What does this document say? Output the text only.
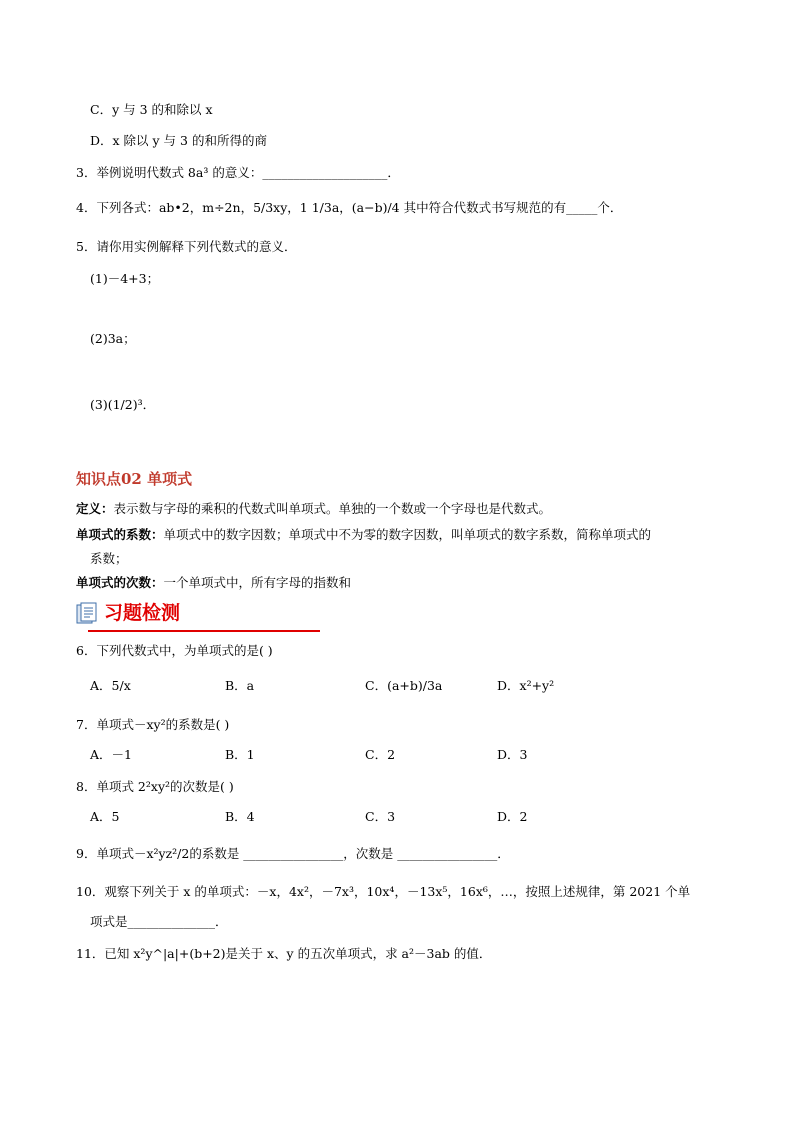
C．y 与 3 的和除以 x
D．x 除以 y 与 3 的和所得的商
3．举例说明代数式 8a³ 的意义：____________________．
4．下列各式：ab•2，m÷2n，5/3xy，1 1/3a，(a−b)/4 其中符合代数式书写规范的有_____个．
5．请你用实例解释下列代数式的意义．
(1)－4+3；
(2)3a；
(3)(1/2)³．
知识点02 单项式
定义：表示数与字母的乘积的代数式叫单项式。单独的一个数或一个字母也是代数式。
单项式的系数：单项式中的数字因数；单项式中不为零的数字因数，叫单项式的数字系数，简称单项式的
系数；
单项式的次数：一个单项式中，所有字母的指数和
习题检测
6．下列代数式中，为单项式的是( )
A．5/x	B．a	C．(a+b)/3a	D．x²+y²
7．单项式－xy²的系数是( )
A．－1	B．1	C．2	D．3
8．单项式 2²xy²的次数是( )
A．5	B．4	C．3	D．2
9．单项式－x²yz²/2的系数是 ________________，次数是 ________________．
10．观察下列关于 x 的单项式：－x，4x²，－7x³，10x⁴，－13x⁵，16x⁶，…，按照上述规律，第 2021 个单
项式是______________．
11．已知 x²y^|a|+(b+2)是关于 x、y 的五次单项式，求 a²－3ab 的值．
